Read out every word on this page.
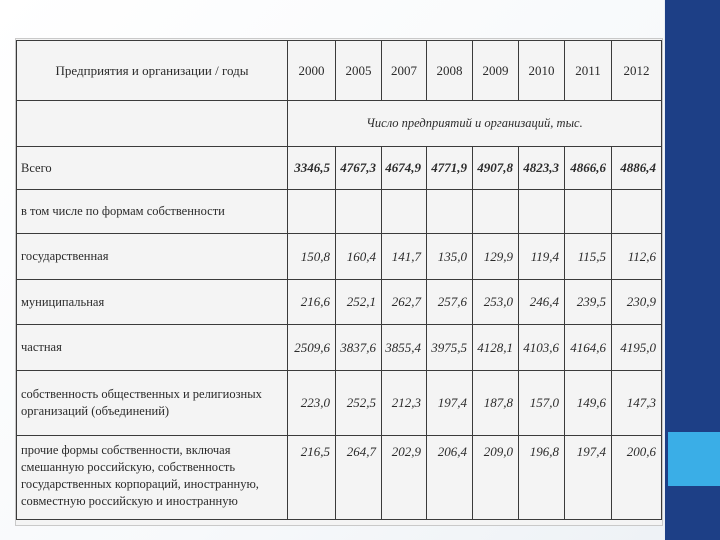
Предприятия и организации / годы	2000	2005	2007	2008	2009	2010	2011	2012
	Число предприятий и организаций, тыс.							
Всего	3346,5	4767,3	4674,9	4771,9	4907,8	4823,3	4866,6	4886,4
в том числе по формам собственности								
государственная	150,8	160,4	141,7	135,0	129,9	119,4	115,5	112,6
муниципальная	216,6	252,1	262,7	257,6	253,0	246,4	239,5	230,9
частная	2509,6	3837,6	3855,4	3975,5	4128,1	4103,6	4164,6	4195,0
собственность общественных и религиозных организаций (объединений)	223,0	252,5	212,3	197,4	187,8	157,0	149,6	147,3
прочие формы собственности, включая смешанную российскую, собственность государственных корпораций, иностранную, совместную российскую и иностранную	216,5	264,7	202,9	206,4	209,0	196,8	197,4	200,6
